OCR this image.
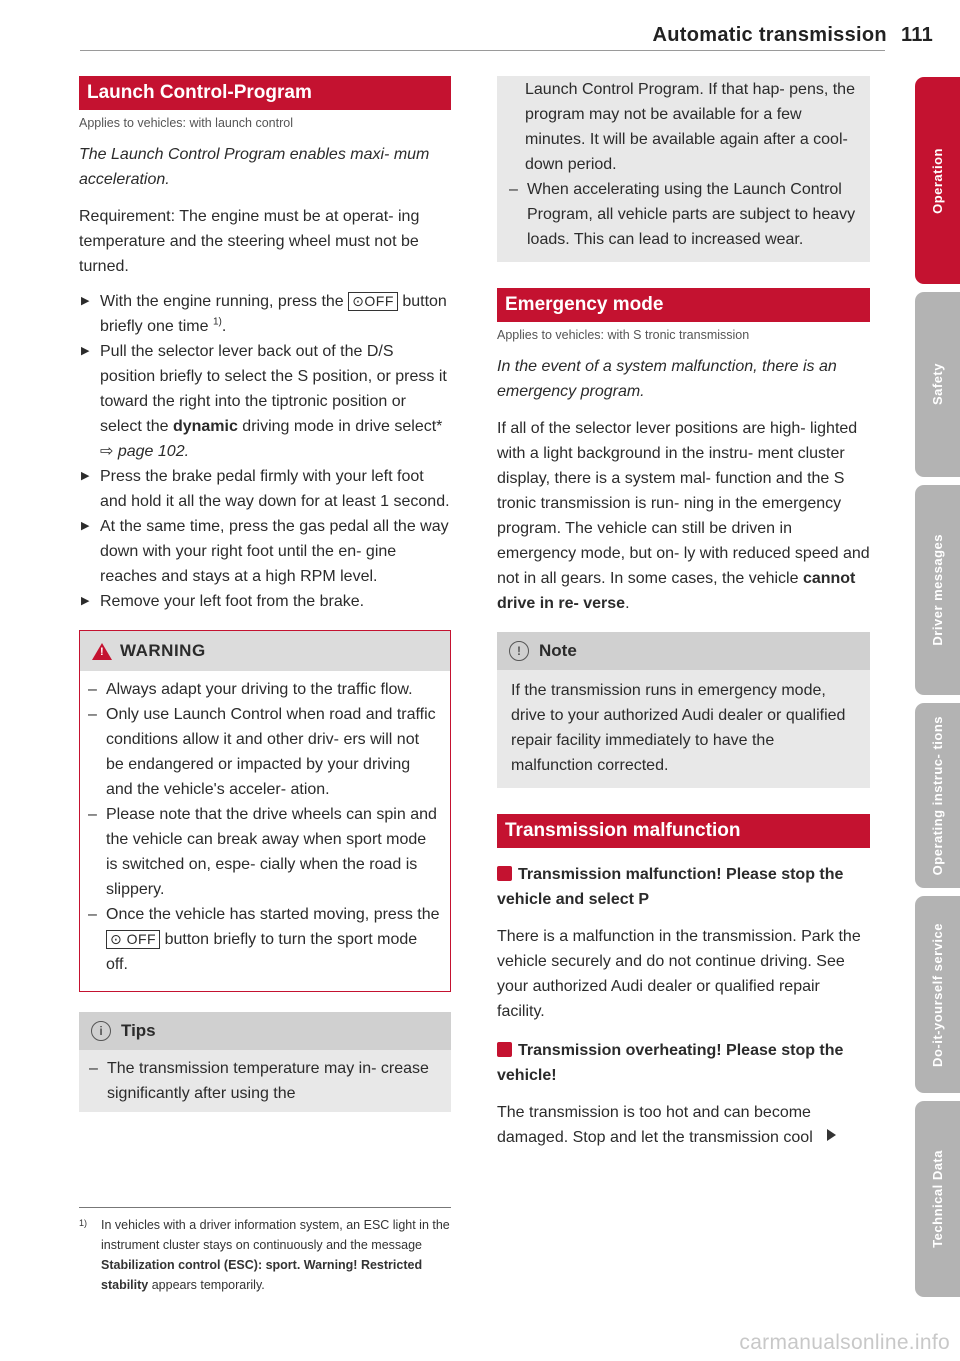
Automatic transmission 111
Launch Control-Program
Applies to vehicles: with launch control
The Launch Control Program enables maxi- mum acceleration.

Requirement: The engine must be at operat- ing temperature and the steering wheel must not be turned.

▶ With the engine running, press the ⊙OFF button briefly one time $^{1)}$.
▶ Pull the selector lever back out of the D/S position briefly to select the S position, or press it toward the right into the tiptronic position or select the dynamic driving mode in drive select* ⇨ page 102.
▶ Press the brake pedal firmly with your left foot and hold it all the way down for at least 1 second.
▶ At the same time, press the gas pedal all the way down with your right foot until the en- gine reaches and stays at a high RPM level.
▶ Remove your left foot from the brake.
!
WARNING
– Always adapt your driving to the traffic flow.
– Only use Launch Control when road and traffic conditions allow it and other driv- ers will not be endangered or impacted by your driving and the vehicle's acceler- ation.
– Please note that the drive wheels can spin and the vehicle can break away when sport mode is switched on, espe- cially when the road is slippery.
– Once the vehicle has started moving, press the ⊙ OFF button briefly to turn the sport mode off.
i	Tips
– The transmission temperature may in- crease significantly after using the
1)	In vehicles with a driver information system, an ESC light in the instrument cluster stays on continuously and the message Stabilization control (ESC): sport. Warning! Restricted stability appears temporarily.
Launch Control Program. If that hap- pens, the program may not be available for a few minutes. It will be available again after a cool-down period.
– When accelerating using the Launch Control Program, all vehicle parts are subject to heavy loads. This can lead to increased wear.
Emergency mode
Applies to vehicles: with S tronic transmission
In the event of a system malfunction, there is an emergency program.

If all of the selector lever positions are high- lighted with a light background in the instru- ment cluster display, there is a system mal- function and the S tronic transmission is run- ning in the emergency program. The vehicle can still be driven in emergency mode, but on- ly with reduced speed and not in all gears. In some cases, the vehicle cannot drive in re- verse.

!	Note

If the transmission runs in emergency mode, drive to your authorized Audi dealer or qualified repair facility immediately to have the malfunction corrected.

Transmission malfunction
Transmission malfunction! Please stop the vehicle and select P

There is a malfunction in the transmission. Park the vehicle securely and do not continue driving. See your authorized Audi dealer or qualified repair facility.

Transmission overheating! Please stop the vehicle!

The transmission is too hot and can become damaged. Stop and let the transmission cool

Operation
Safety
Driver messages
Operating instruc- tions
Do-it-yourself service
Technical Data
carmanualsonline.info
